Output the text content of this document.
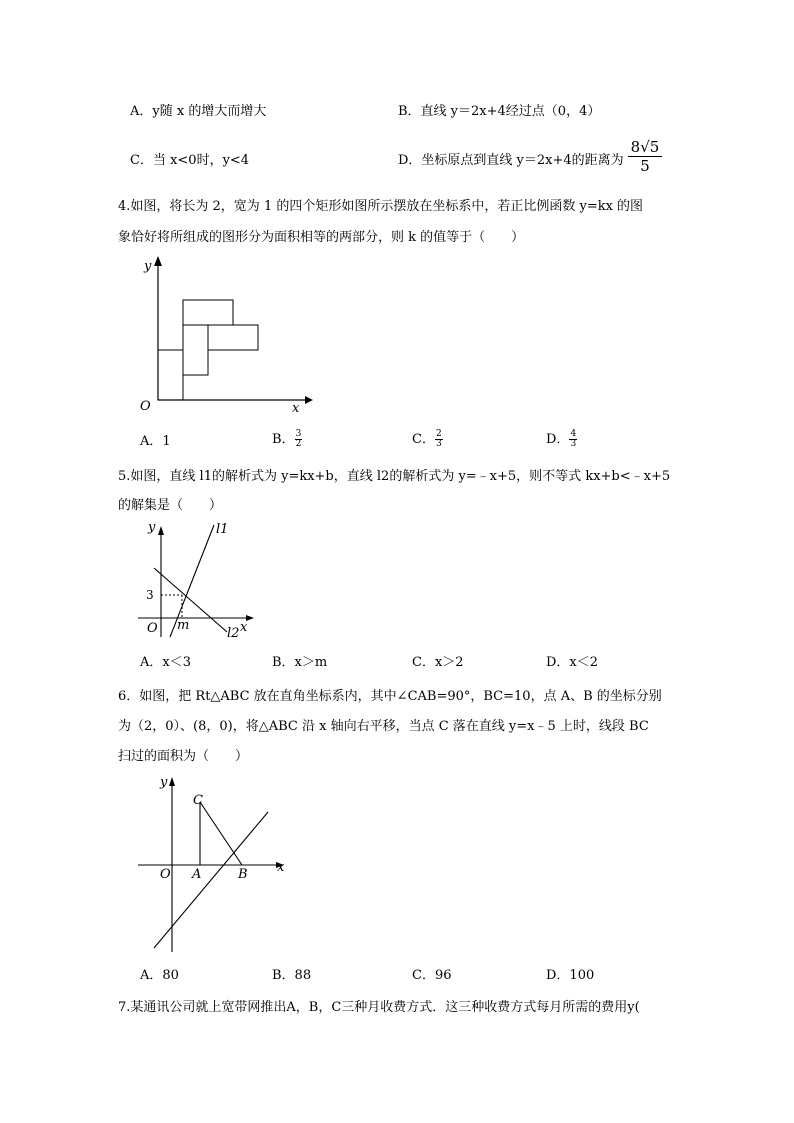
A．y随 x 的增大而增大	B．直线 y＝2x+4经过点（0，4）
C．当 x<0时，y<4	D．坐标原点到直线 y＝2x+4的距离为 $\frac{8√5}{5}$
4.如图，将长为 2，宽为 1 的四个矩形如图所示摆放在坐标系中，若正比例函数 y=kx 的图
象恰好将所组成的图形分为面积相等的两部分，则 k 的值等于（　　）
y
O	x
A．1	B． $\frac{3}{2}$	C． $\frac{2}{3}$	D． $\frac{4}{3}$
5.如图，直线 l1的解析式为 y=kx+b，直线 l2的解析式为 y=﹣x+5，则不等式 kx+b<﹣x+5
的解集是（　　）
y	l1
3
O m	x
l2
A．x＜3	B．x＞m	C．x＞2	D．x＜2
6．如图，把 Rt△ABC 放在直角坐标系内，其中∠CAB=90°，BC=10，点 A、B 的坐标分别
为（2，0）、(8，0)，将△ABC 沿 x 轴向右平移，当点 C 落在直线 y=x﹣5 上时，线段 BC
扫过的面积为（　　）
y
C
O A	B x
A．80	B．88	C．96	D．100
7.某通讯公司就上宽带网推出A，B，C三种月收费方式．这三种收费方式每月所需的费用y(
